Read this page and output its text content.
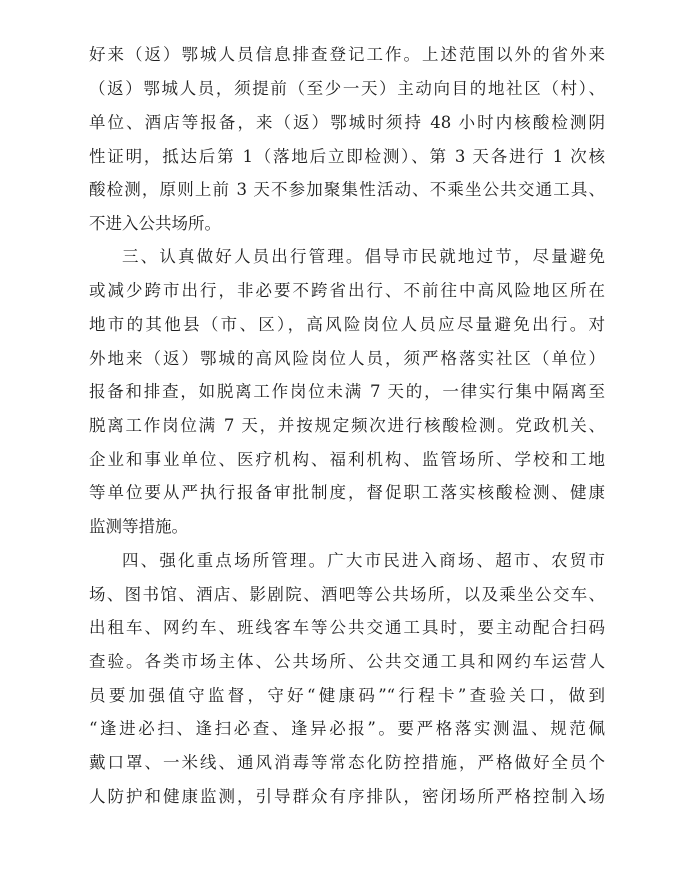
好来（返）鄂城人员信息排查登记工作。上述范围以外的省外来
（返）鄂城人员，须提前（至少一天）主动向目的地社区（村）、
单位、酒店等报备，来（返）鄂城时须持 48 小时内核酸检测阴
性证明，抵达后第 1（落地后立即检测）、第 3 天各进行 1 次核
酸检测，原则上前 3 天不参加聚集性活动、不乘坐公共交通工具、
不进入公共场所。
三、认真做好人员出行管理。倡导市民就地过节，尽量避免
或减少跨市出行，非必要不跨省出行、不前往中高风险地区所在
地市的其他县（市、区），高风险岗位人员应尽量避免出行。对
外地来（返）鄂城的高风险岗位人员，须严格落实社区（单位）
报备和排查，如脱离工作岗位未满 7 天的，一律实行集中隔离至
脱离工作岗位满 7 天，并按规定频次进行核酸检测。党政机关、
企业和事业单位、医疗机构、福利机构、监管场所、学校和工地
等单位要从严执行报备审批制度，督促职工落实核酸检测、健康
监测等措施。
四、强化重点场所管理。广大市民进入商场、超市、农贸市
场、图书馆、酒店、影剧院、酒吧等公共场所，以及乘坐公交车、
出租车、网约车、班线客车等公共交通工具时，要主动配合扫码
查验。各类市场主体、公共场所、公共交通工具和网约车运营人
员要加强值守监督，守好“健康码”“行程卡”查验关口，做到
“逢进必扫、逢扫必查、逢异必报”。要严格落实测温、规范佩
戴口罩、一米线、通风消毒等常态化防控措施，严格做好全员个
人防护和健康监测，引导群众有序排队，密闭场所严格控制入场
